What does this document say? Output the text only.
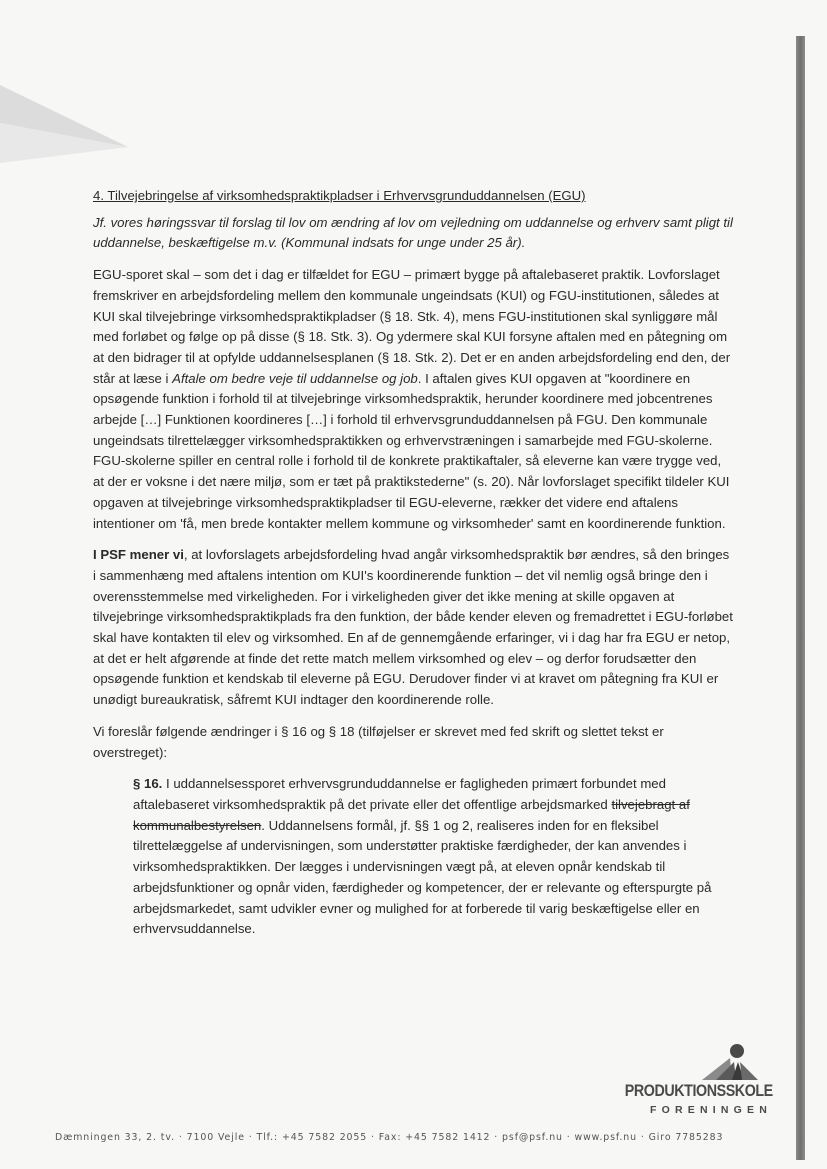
4. Tilvejebringelse af virksomhedspraktikpladser i Erhvervsgrunduddannelsen (EGU)

Jf. vores høringssvar til forslag til lov om ændring af lov om vejledning om uddannelse og erhverv samt pligt til uddannelse, beskæftigelse m.v. (Kommunal indsats for unge under 25 år).

EGU-sporet skal – som det i dag er tilfældet for EGU – primært bygge på aftalebaseret praktik. Lovforslaget fremskriver en arbejdsfordeling mellem den kommunale ungeindsats (KUI) og FGU-institutionen, således at KUI skal tilvejebringe virksomhedspraktikpladser (§ 18. Stk. 4), mens FGU-institutionen skal synliggøre mål med forløbet og følge op på disse (§ 18. Stk. 3). Og ydermere skal KUI forsyne aftalen med en påtegning om at den bidrager til at opfylde uddannelsesplanen (§ 18. Stk. 2). Det er en anden arbejdsfordeling end den, der står at læse i Aftale om bedre veje til uddannelse og job. I aftalen gives KUI opgaven at "koordinere en opsøgende funktion i forhold til at tilvejebringe virksomhedspraktik, herunder koordinere med jobcentrenes arbejde […] Funktionen koordineres […] i forhold til erhvervsgrunduddannelsen på FGU. Den kommunale ungeindsats tilrettelægger virksomhedspraktikken og erhvervstræningen i samarbejde med FGU-skolerne. FGU-skolerne spiller en central rolle i forhold til de konkrete praktikaftaler, så eleverne kan være trygge ved, at der er voksne i det nære miljø, som er tæt på praktikstederne" (s. 20). Når lovforslaget specifikt tildeler KUI opgaven at tilvejebringe virksomhedspraktikpladser til EGU-eleverne, rækker det videre end aftalens intentioner om 'få, men brede kontakter mellem kommune og virksomheder' samt en koordinerende funktion.

I PSF mener vi, at lovforslagets arbejdsfordeling hvad angår virksomhedspraktik bør ændres, så den bringes i sammenhæng med aftalens intention om KUI's koordinerende funktion – det vil nemlig også bringe den i overensstemmelse med virkeligheden. For i virkeligheden giver det ikke mening at skille opgaven at tilvejebringe virksomhedspraktikplads fra den funktion, der både kender eleven og fremadrettet i EGU-forløbet skal have kontakten til elev og virksomhed. En af de gennemgående erfaringer, vi i dag har fra EGU er netop, at det er helt afgørende at finde det rette match mellem virksomhed og elev – og derfor forudsætter den opsøgende funktion et kendskab til eleverne på EGU. Derudover finder vi at kravet om påtegning fra KUI er unødigt bureaukratisk, såfremt KUI indtager den koordinerende rolle.

Vi foreslår følgende ændringer i § 16 og § 18 (tilføjelser er skrevet med fed skrift og slettet tekst er overstreget):

§ 16. I uddannelsessporet erhvervsgrunduddannelse er fagligheden primært forbundet med aftalebaseret virksomhedspraktik på det private eller det offentlige arbejdsmarked tilvejebragt af kommunalbestyrelsen. Uddannelsens formål, jf. §§ 1 og 2, realiseres inden for en fleksibel tilrettelæggelse af undervisningen, som understøtter praktiske færdigheder, der kan anvendes i virksomhedspraktikken. Der lægges i undervisningen vægt på, at eleven opnår kendskab til arbejdsfunktioner og opnår viden, færdigheder og kompetencer, der er relevante og efterspurgte på arbejdsmarkedet, samt udvikler evner og mulighed for at forberede til varig beskæftigelse eller en erhvervsuddannelse.

PRODUKTIONSSKOLE
FORENINGEN
Dæmningen 33, 2. tv. · 7100 Vejle · Tlf.: +45 7582 2055 · Fax: +45 7582 1412 · psf@psf.nu · www.psf.nu · Giro 7785283
